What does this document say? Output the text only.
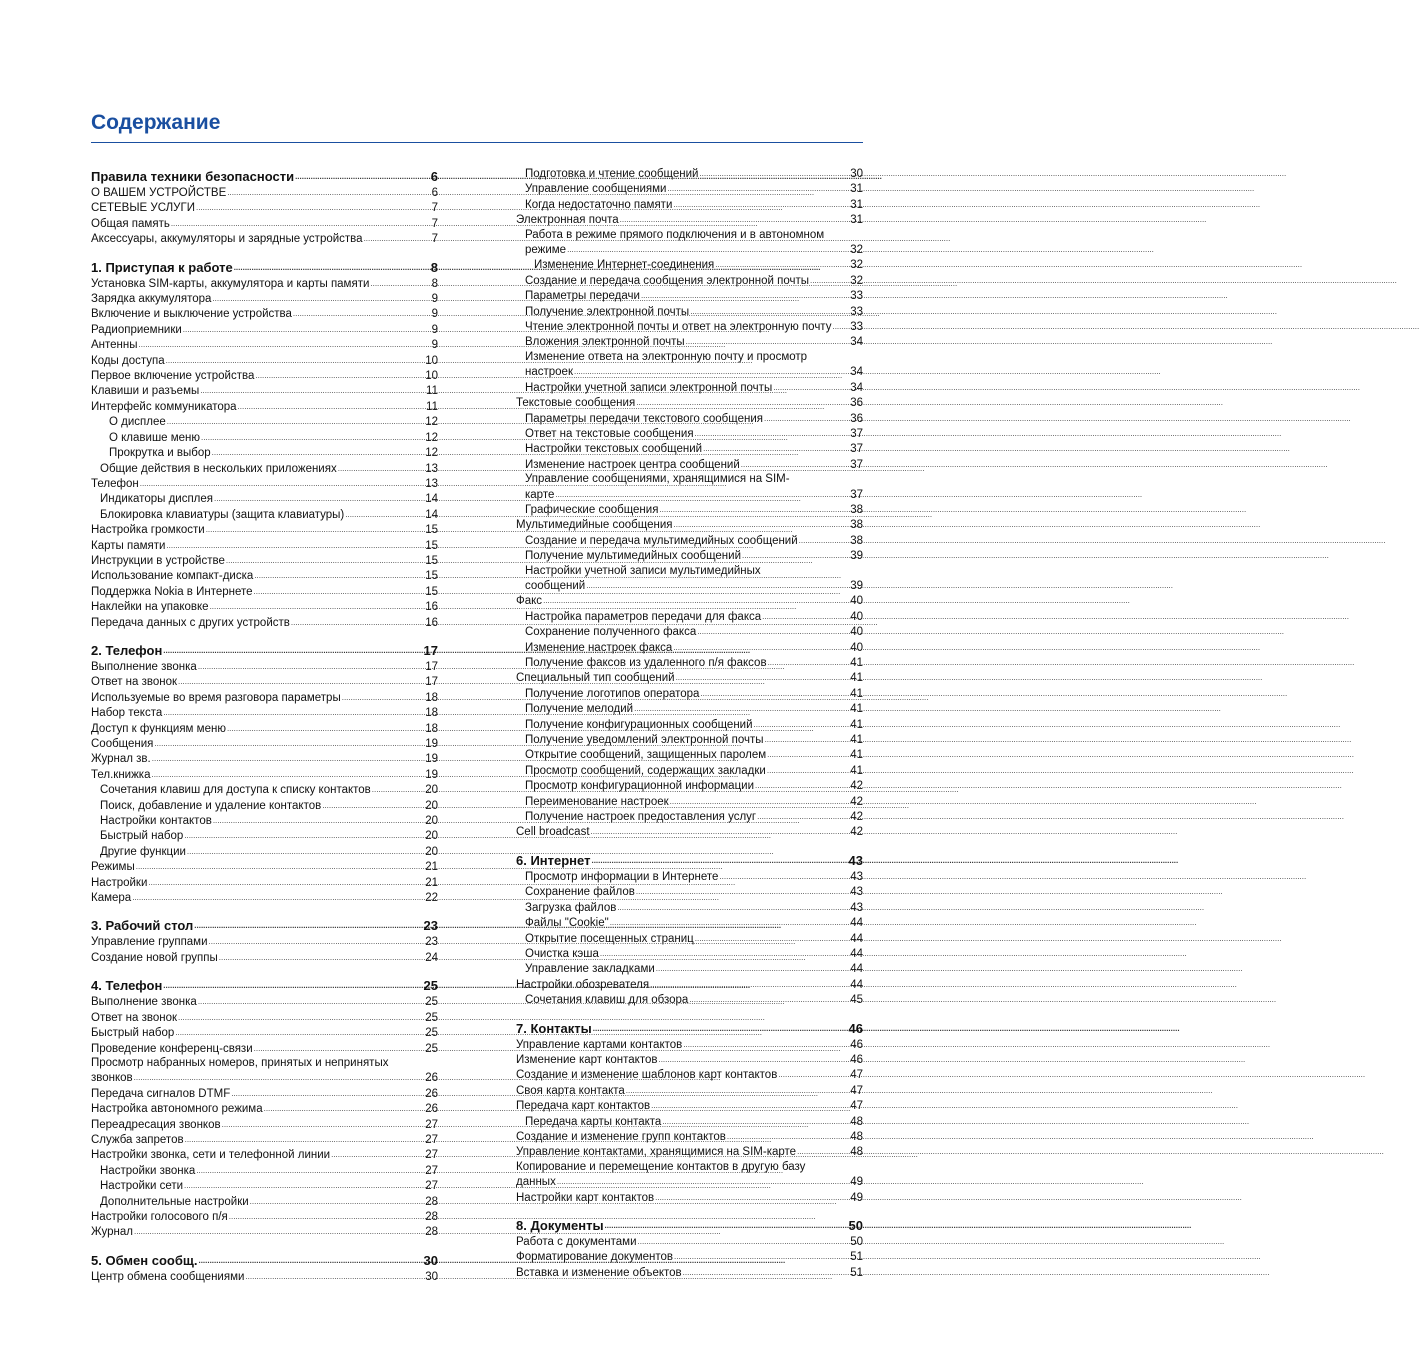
Содержание
Правила техники безопасности .....	6
О ВАШЕМ УСТРОЙСТВЕ .....	6
СЕТЕВЫЕ УСЛУГИ .....	7
Общая память .....	7
Аксессуары, аккумуляторы и зарядные устройства .....	7
1. Приступая к работе .....	8
Установка SIM-карты, аккумулятора и карты памяти .....	8
Зарядка аккумулятора .....	9
Включение и выключение устройства .....	9
Радиоприемники .....	9
Антенны .....	9
Коды доступа .....	10
Первое включение устройства .....	10
Клавиши и разъемы .....	11
Интерфейс коммуникатора .....	11
О дисплее .....	12
О клавише меню .....	12
Прокрутка и выбор .....	12
Общие действия в нескольких приложениях .....	13
Телефон .....	13
Индикаторы дисплея .....	14
Блокировка клавиатуры (защита клавиатуры) .....	14
Настройка громкости .....	15
Карты памяти .....	15
Инструкции в устройстве .....	15
Использование компакт-диска .....	15
Поддержка Nokia в Интернете .....	15
Наклейки на упаковке .....	16
Передача данных с других устройств .....	16
2. Телефон .....	17
Выполнение звонка .....	17
Ответ на звонок .....	17
Используемые во время разговора параметры .....	18
Набор текста .....	18
Доступ к функциям меню .....	18
Сообщения .....	19
Журнал зв. .....	19
Тел.книжка .....	19
Сочетания клавиш для доступа к списку контактов .....	20
Поиск, добавление и удаление контактов .....	20
Настройки контактов .....	20
Быстрый набор .....	20
Другие функции .....	20
Режимы .....	21
Настройки .....	21
Камера .....	22
3. Рабочий стол .....	23
Управление группами .....	23
Создание новой группы .....	24
4. Телефон .....	25
Выполнение звонка .....	25
Ответ на звонок .....	25
Быстрый набор .....	25
Проведение конференц-связи .....	25
Просмотр набранных номеров, принятых и непринятых
звонков .....	26
Передача сигналов DTMF .....	26
Настройка автономного режима .....	26
Переадресация звонков .....	27
Служба запретов .....	27
Настройки звонка, сети и телефонной линии .....	27
Настройки звонка .....	27
Настройки сети .....	27
Дополнительные настройки .....	28
Настройки голосового п/я .....	28
Журнал .....	28
5. Обмен сообщ. .....	30
Центр обмена сообщениями .....	30
Подготовка и чтение сообщений .....	30
Управление сообщениями .....	31
Когда недостаточно памяти .....	31
Электронная почта .....	31
Работа в режиме прямого подключения и в автономном
режиме .....	32
Изменение Интернет-соединения .....	32
Создание и передача сообщения электронной почты .....	32
Параметры передачи .....	33
Получение электронной почты .....	33
Чтение электронной почты и ответ на электронную почту ..... 33
Вложения электронной почты .....	34
Изменение ответа на электронную почту и просмотр
настроек .....	34
Настройки учетной записи электронной почты .....	34
Текстовые сообщения .....	36
Параметры передачи текстового сообщения .....	36
Ответ на текстовые сообщения .....	37
Настройки текстовых сообщений .....	37
Изменение настроек центра сообщений .....	37
Управление сообщениями, хранящимися на SIM-
карте .....	37
Графические сообщения .....	38
Мультимедийные сообщения .....	38
Создание и передача мультимедийных сообщений .....	38
Получение мультимедийных сообщений .....	39
Настройки учетной записи мультимедийных
сообщений .....	39
Факс .....	40
Настройка параметров передачи для факса .....	40
Сохранение полученного факса .....	40
Изменение настроек факса .....	40
Получение факсов из удаленного п/я факсов .....	41
Специальный тип сообщений .....	41
Получение логотипов оператора .....	41
Получение мелодий .....	41
Получение конфигурационных сообщений .....	41
Получение уведомлений электронной почты .....	41
Открытие сообщений, защищенных паролем .....	41
Просмотр сообщений, содержащих закладки .....	41
Просмотр конфигурационной информации .....	42
Переименование настроек .....	42
Получение настроек предоставления услуг .....	42
Cell broadcast .....	42
6. Интернет .....	43
Просмотр информации в Интернете .....	43
Сохранение файлов .....	43
Загрузка файлов .....	43
Файлы "Cookie" .....	44
Открытие посещенных страниц .....	44
Очистка кэша .....	44
Управление закладками .....	44
Настройки обозревателя .....	44
Сочетания клавиш для обзора .....	45
7. Контакты .....	46
Управление картами контактов .....	46
Изменение карт контактов .....	46
Создание и изменение шаблонов карт контактов .....	47
Своя карта контакта .....	47
Передача карт контактов .....	47
Передача карты контакта .....	48
Создание и изменение групп контактов .....	48
Управление контактами, хранящимися на SIM-карте .....	48
Копирование и перемещение контактов в другую базу
данных .....	49
Настройки карт контактов .....	49
8. Документы .....	50
Работа с документами .....	50
Форматирование документов .....	51
Вставка и изменение объектов .....	51
